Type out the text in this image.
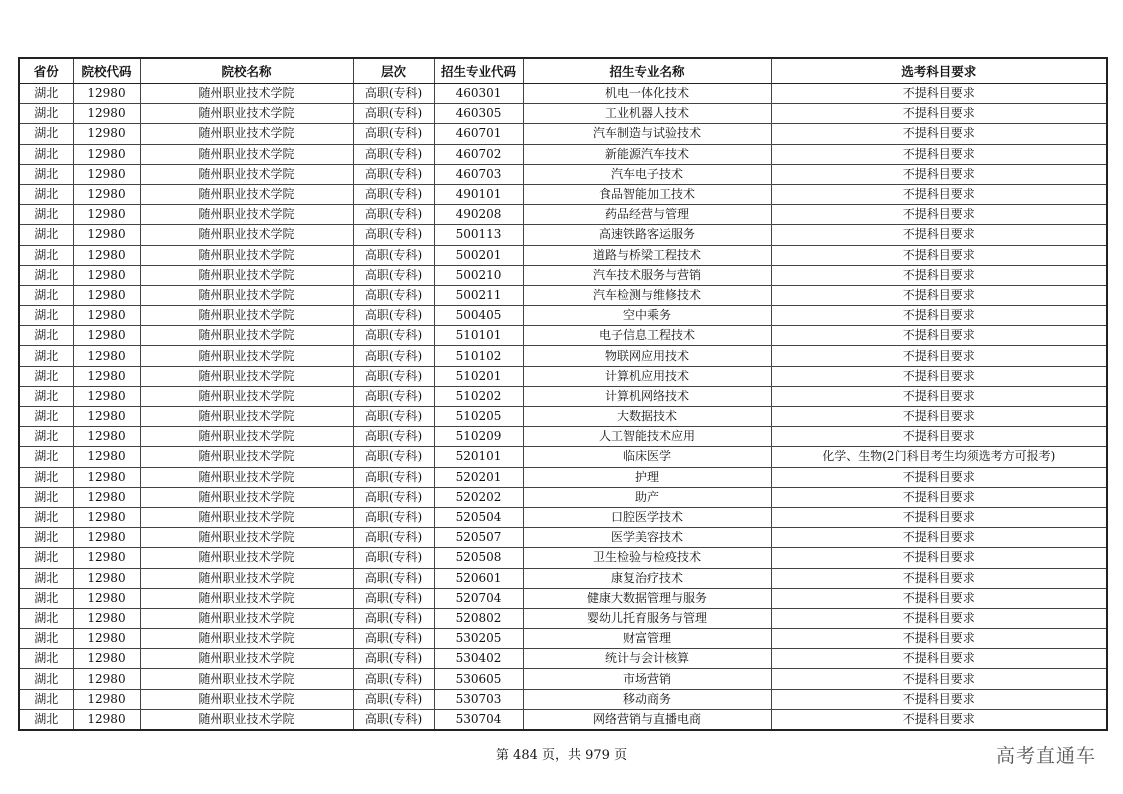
省份	院校代码	院校名称	层次	招生专业代码	招生专业名称	选考科目要求
湖北	12980	随州职业技术学院	高职(专科)	460301	机电一体化技术	不提科目要求
湖北	12980	随州职业技术学院	高职(专科)	460305	工业机器人技术	不提科目要求
湖北	12980	随州职业技术学院	高职(专科)	460701	汽车制造与试验技术	不提科目要求
湖北	12980	随州职业技术学院	高职(专科)	460702	新能源汽车技术	不提科目要求
湖北	12980	随州职业技术学院	高职(专科)	460703	汽车电子技术	不提科目要求
湖北	12980	随州职业技术学院	高职(专科)	490101	食品智能加工技术	不提科目要求
湖北	12980	随州职业技术学院	高职(专科)	490208	药品经营与管理	不提科目要求
湖北	12980	随州职业技术学院	高职(专科)	500113	高速铁路客运服务	不提科目要求
湖北	12980	随州职业技术学院	高职(专科)	500201	道路与桥梁工程技术	不提科目要求
湖北	12980	随州职业技术学院	高职(专科)	500210	汽车技术服务与营销	不提科目要求
湖北	12980	随州职业技术学院	高职(专科)	500211	汽车检测与维修技术	不提科目要求
湖北	12980	随州职业技术学院	高职(专科)	500405	空中乘务	不提科目要求
湖北	12980	随州职业技术学院	高职(专科)	510101	电子信息工程技术	不提科目要求
湖北	12980	随州职业技术学院	高职(专科)	510102	物联网应用技术	不提科目要求
湖北	12980	随州职业技术学院	高职(专科)	510201	计算机应用技术	不提科目要求
湖北	12980	随州职业技术学院	高职(专科)	510202	计算机网络技术	不提科目要求
湖北	12980	随州职业技术学院	高职(专科)	510205	大数据技术	不提科目要求
湖北	12980	随州职业技术学院	高职(专科)	510209	人工智能技术应用	不提科目要求
湖北	12980	随州职业技术学院	高职(专科)	520101	临床医学	化学、生物(2门科目考生均须选考方可报考)
湖北	12980	随州职业技术学院	高职(专科)	520201	护理	不提科目要求
湖北	12980	随州职业技术学院	高职(专科)	520202	助产	不提科目要求
湖北	12980	随州职业技术学院	高职(专科)	520504	口腔医学技术	不提科目要求
湖北	12980	随州职业技术学院	高职(专科)	520507	医学美容技术	不提科目要求
湖北	12980	随州职业技术学院	高职(专科)	520508	卫生检验与检疫技术	不提科目要求
湖北	12980	随州职业技术学院	高职(专科)	520601	康复治疗技术	不提科目要求
湖北	12980	随州职业技术学院	高职(专科)	520704	健康大数据管理与服务	不提科目要求
湖北	12980	随州职业技术学院	高职(专科)	520802	婴幼儿托育服务与管理	不提科目要求
湖北	12980	随州职业技术学院	高职(专科)	530205	财富管理	不提科目要求
湖北	12980	随州职业技术学院	高职(专科)	530402	统计与会计核算	不提科目要求
湖北	12980	随州职业技术学院	高职(专科)	530605	市场营销	不提科目要求
湖北	12980	随州职业技术学院	高职(专科)	530703	移动商务	不提科目要求
湖北	12980	随州职业技术学院	高职(专科)	530704	网络营销与直播电商	不提科目要求
第 484 页，共 979 页	高考直通车
